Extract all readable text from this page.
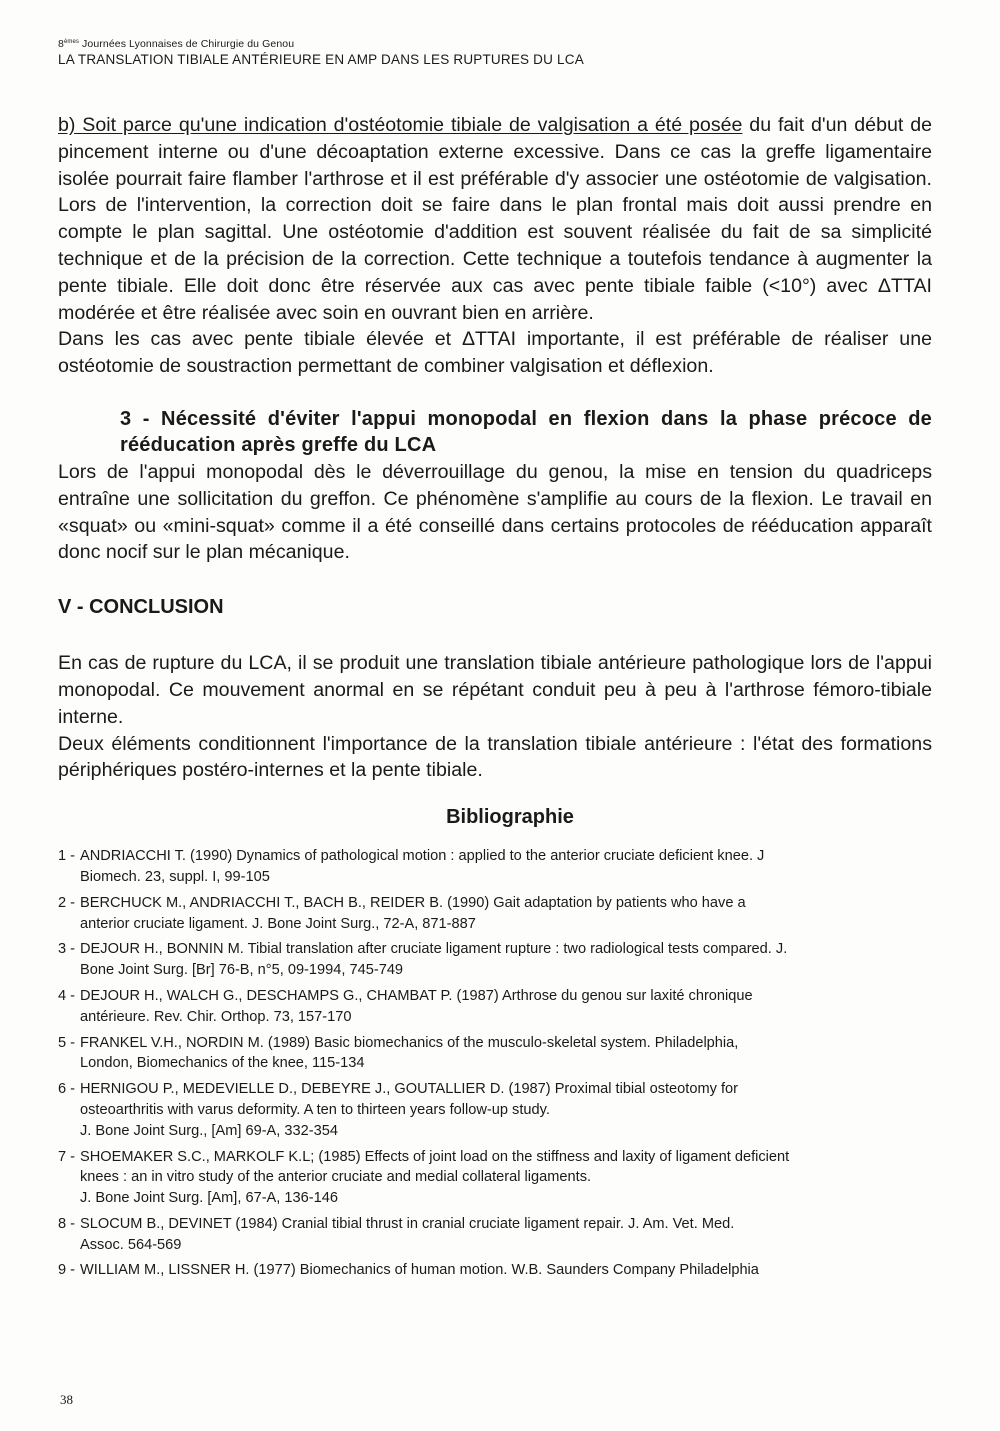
8èmes Journées Lyonnaises de Chirurgie du Genou
LA TRANSLATION TIBIALE ANTÉRIEURE EN AMP DANS LES RUPTURES DU LCA

b) Soit parce qu'une indication d'ostéotomie tibiale de valgisation a été posée du fait d'un début de pincement interne ou d'une décoaptation externe excessive. Dans ce cas la greffe ligamentaire isolée pourrait faire flamber l'arthrose et il est préférable d'y associer une ostéotomie de valgisation. Lors de l'intervention, la correction doit se faire dans le plan frontal mais doit aussi prendre en compte le plan sagittal. Une ostéotomie d'addition est souvent réalisée du fait de sa simplicité technique et de la précision de la correction. Cette technique a toutefois tendance à augmenter la pente tibiale. Elle doit donc être réservée aux cas avec pente tibiale faible (<10°) avec ΔTTAI modérée et être réalisée avec soin en ouvrant bien en arrière.

Dans les cas avec pente tibiale élevée et ΔTTAI importante, il est préférable de réaliser une ostéotomie de soustraction permettant de combiner valgisation et déflexion.

3 - Nécessité d'éviter l'appui monopodal en flexion dans la phase précoce de rééducation après greffe du LCA

Lors de l'appui monopodal dès le déverrouillage du genou, la mise en tension du quadriceps entraîne une sollicitation du greffon. Ce phénomène s'amplifie au cours de la flexion. Le travail en «squat» ou «mini-squat» comme il a été conseillé dans certains protocoles de rééducation apparaît donc nocif sur le plan mécanique.

V - CONCLUSION

En cas de rupture du LCA, il se produit une translation tibiale antérieure pathologique lors de l'appui monopodal. Ce mouvement anormal en se répétant conduit peu à peu à l'arthrose fémoro-tibiale interne.

Deux éléments conditionnent l'importance de la translation tibiale antérieure : l'état des formations périphériques postéro-internes et la pente tibiale.

Bibliographie
1 - ANDRIACCHI T. (1990) Dynamics of pathological motion : applied to the anterior cruciate deficient knee. J
Biomech. 23, suppl. I, 99-105
2 - BERCHUCK M., ANDRIACCHI T., BACH B., REIDER B. (1990) Gait adaptation by patients who have a
anterior cruciate ligament. J. Bone Joint Surg., 72-A, 871-887
3 - DEJOUR H., BONNIN M. Tibial translation after cruciate ligament rupture : two radiological tests compared. J.
Bone Joint Surg. [Br] 76-B, n°5, 09-1994, 745-749
4 - DEJOUR H., WALCH G., DESCHAMPS G., CHAMBAT P. (1987) Arthrose du genou sur laxité chronique
antérieure. Rev. Chir. Orthop. 73, 157-170
5 - FRANKEL V.H., NORDIN M. (1989) Basic biomechanics of the musculo-skeletal system. Philadelphia,
London, Biomechanics of the knee, 115-134
6 - HERNIGOU P., MEDEVIELLE D., DEBEYRE J., GOUTALLIER D. (1987) Proximal tibial osteotomy for
osteoarthritis with varus deformity. A ten to thirteen years follow-up study.
J. Bone Joint Surg., [Am] 69-A, 332-354
7 - SHOEMAKER S.C., MARKOLF K.L; (1985) Effects of joint load on the stiffness and laxity of ligament deficient
knees : an in vitro study of the anterior cruciate and medial collateral ligaments.
J. Bone Joint Surg. [Am], 67-A, 136-146
8 - SLOCUM B., DEVINET (1984) Cranial tibial thrust in cranial cruciate ligament repair. J. Am. Vet. Med.
Assoc. 564-569
9 - WILLIAM M., LISSNER H. (1977) Biomechanics of human motion. W.B. Saunders Company Philadelphia
38
